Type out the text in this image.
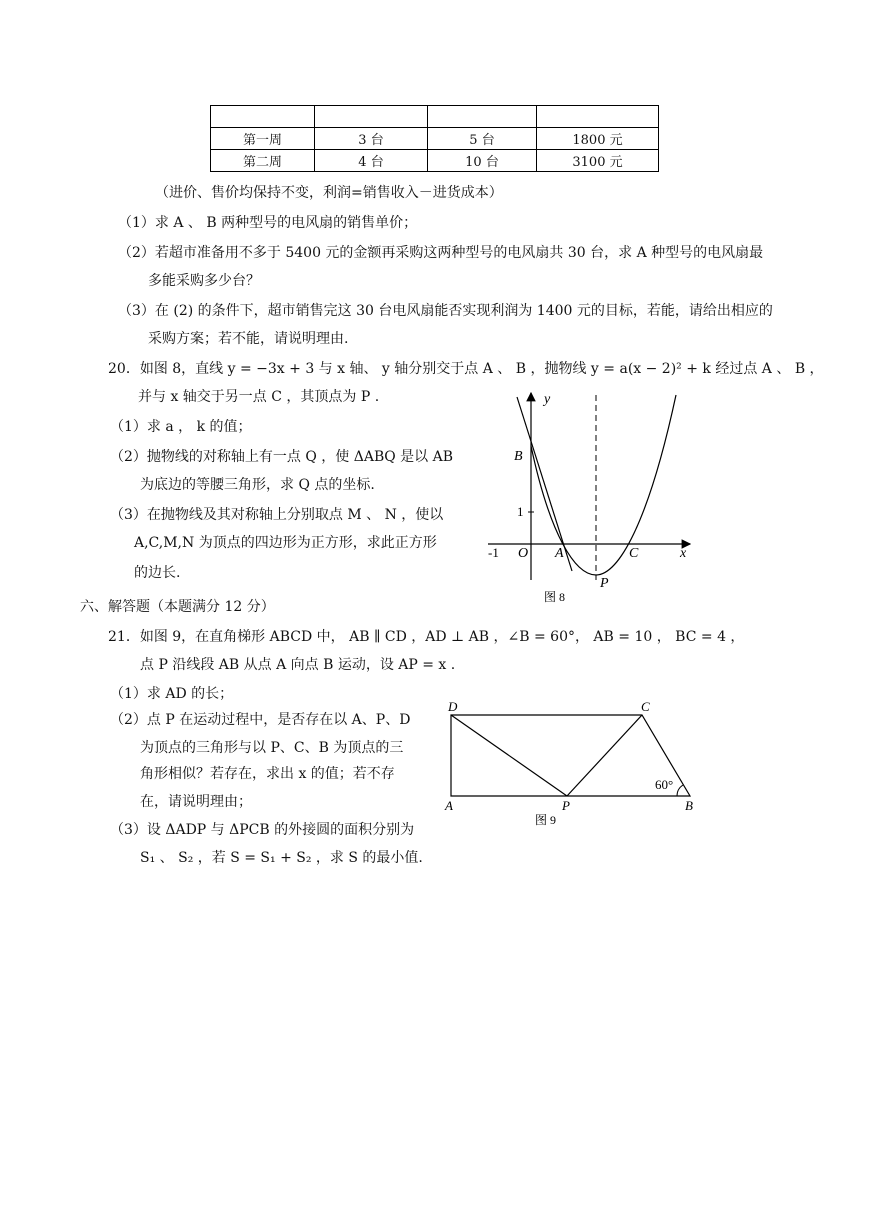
第一周	3 台	5 台	1800 元
第二周	4 台	10 台	3100 元
（进价、售价均保持不变，利润=销售收入－进货成本）
（1）求 A 、 B 两种型号的电风扇的销售单价；
（2）若超市准备用不多于 5400 元的金额再采购这两种型号的电风扇共 30 台，求 A 种型号的电风扇最
多能采购多少台？
（3）在 (2) 的条件下，超市销售完这 30 台电风扇能否实现利润为 1400 元的目标，若能，请给出相应的
采购方案；若不能，请说明理由.
20．如图 8，直线 y = −3x + 3 与 x 轴、 y 轴分别交于点 A 、 B ，抛物线 y = a(x − 2)² + k 经过点 A 、 B ，
并与 x 轴交于另一点 C ，其顶点为 P .
（1）求 a ， k 的值；
（2）抛物线的对称轴上有一点 Q ，使 ΔABQ 是以 AB
为底边的等腰三角形，求 Q 点的坐标.
（3）在抛物线及其对称轴上分别取点 M 、 N ，使以
A,C,M,N 为顶点的四边形为正方形，求此正方形
的边长.
y
x
B
1
-1 O A	C
P
图 8
六、解答题（本题满分 12 分）
21．如图 9，在直角梯形 ABCD 中， AB ∥ CD ，AD ⊥ AB ，∠B = 60°， AB = 10 ， BC = 4 ，
点 P 沿线段 AB 从点 A 向点 B 运动，设 AP = x .
（1）求 AD 的长；
（2）点 P 在运动过程中，是否存在以 A、P、D
为顶点的三角形与以 P、C、B 为顶点的三
角形相似？若存在，求出 x 的值；若不存
在，请说明理由；
（3）设 ΔADP 与 ΔPCB 的外接圆的面积分别为
S₁ 、 S₂ ，若 S = S₁ + S₂ ，求 S 的最小值.
D	C
A	P	B
60°
图 9
